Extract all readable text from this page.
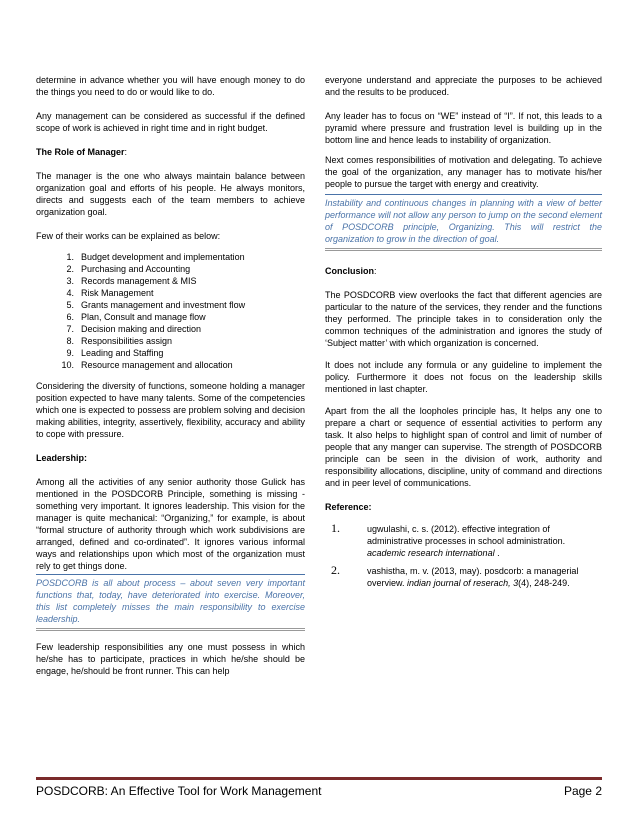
determine in advance whether you will have enough money to do the things you need to do or would like to do.

Any management can be considered as successful if the defined scope of work is achieved in right time and in right budget.

The Role of Manager:

The manager is the one who always maintain balance between organization goal and efforts of his people. He always monitors, directs and suggests each of the team members to achieve organization goal.

Few of their works can be explained as below:

1. Budget development and implementation
2. Purchasing and Accounting
3. Records management & MIS
4. Risk Management
5. Grants management and investment flow
6. Plan, Consult and manage flow
7. Decision making and direction
8. Responsibilities assign
9. Leading and Staffing
10. Resource management and allocation

Considering the diversity of functions, someone holding a manager position expected to have many talents. Some of the competencies which one is expected to possess are problem solving and decision making abilities, integrity, assertively, flexibility, accuracy and ability to cope with pressure.

Leadership:

Among all the activities of any senior authority those Gulick has mentioned in the POSDCORB Principle, something is missing - something very important. It ignores leadership. This vision for the manager is quite mechanical: “Organizing,” for example, is about “formal structure of authority through which work subdivisions are arranged, defined and co-ordinated”. It ignores various informal ways and relationships upon which most of the organization must rely to get things done.

POSDCORB is all about process – about seven very important functions that, today, have deteriorated into exercise. Moreover, this list completely misses the main responsibility to exercise leadership.

Few leadership responsibilities any one must possess in which he/she has to participate, practices in which he/she should be engage, he/should be front runner. This can help

everyone understand and appreciate the purposes to be achieved and the results to be produced.

Any leader has to focus on “WE” instead of “I”. If not, this leads to a pyramid where pressure and frustration level is building up in the bottom line and hence leads to instability of organization.

Next comes responsibilities of motivation and delegating. To achieve the goal of the organization, any manager has to motivate his/her people to pursue the target with energy and creativity.

Instability and continuous changes in planning with a view of better performance will not allow any person to jump on the second element of POSDCORB principle, Organizing. This will restrict the organization to grow in the direction of goal.

Conclusion:

The POSDCORB view overlooks the fact that different agencies are particular to the nature of the services, they render and the functions they performed. The principle takes in to consideration only the common techniques of the administration and ignores the study of ‘Subject matter’ with which organization is concerned.

It does not include any formula or any guideline to implement the policy. Furthermore it does not focus on the leadership skills mentioned in last chapter.

Apart from the all the loopholes principle has, It helps any one to prepare a chart or sequence of essential activities to perform any task. It also helps to highlight span of control and limit of number of people that any manger can supervise. The strength of POSDCORB principle can be seen in the division of work, authority and responsibility allocations, discipline, unity of command and directions and in peer level of communications.

Reference:

1.	ugwulashi, c. s. (2012). effective integration of administrative processes in school administration. academic research international .
2.	vashistha, m. v. (2013, may). posdcorb: a managerial overview. indian journal of reserach, 3(4), 248-249.
POSDCORB: An Effective Tool for Work Management	Page 2
